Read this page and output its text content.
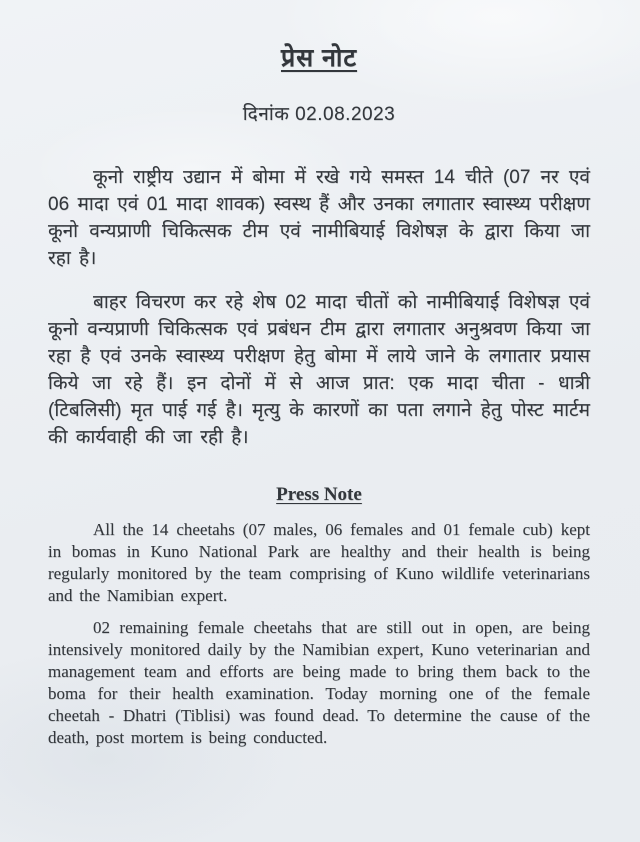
प्रेस नोट
दिनांक 02.08.2023

कूनो राष्ट्रीय उद्यान में बोमा में रखे गये समस्त 14 चीते (07 नर एवं 06 मादा एवं 01 मादा शावक) स्वस्थ हैं और उनका लगातार स्वास्थ्य परीक्षण कूनो वन्यप्राणी चिकित्सक टीम एवं नामीबियाई विशेषज्ञ के द्वारा किया जा रहा है।

बाहर विचरण कर रहे शेष 02 मादा चीतों को नामीबियाई विशेषज्ञ एवं कूनो वन्यप्राणी चिकित्सक एवं प्रबंधन टीम द्वारा लगातार अनुश्रवण किया जा रहा है एवं उनके स्वास्थ्य परीक्षण हेतु बोमा में लाये जाने के लगातार प्रयास किये जा रहे हैं। इन दोनों में से आज प्रात: एक मादा चीता - धात्री (टिबलिसी) मृत पाई गई है। मृत्यु के कारणों का पता लगाने हेतु पोस्ट मार्टम की कार्यवाही की जा रही है।

Press Note

All the 14 cheetahs (07 males, 06 females and 01 female cub) kept in bomas in Kuno National Park are healthy and their health is being regularly monitored by the team comprising of Kuno wildlife veterinarians and the Namibian expert.

02 remaining female cheetahs that are still out in open, are being intensively monitored daily by the Namibian expert, Kuno veterinarian and management team and efforts are being made to bring them back to the boma for their health examination. Today morning one of the female cheetah - Dhatri (Tiblisi) was found dead. To determine the cause of the death, post mortem is being conducted.
